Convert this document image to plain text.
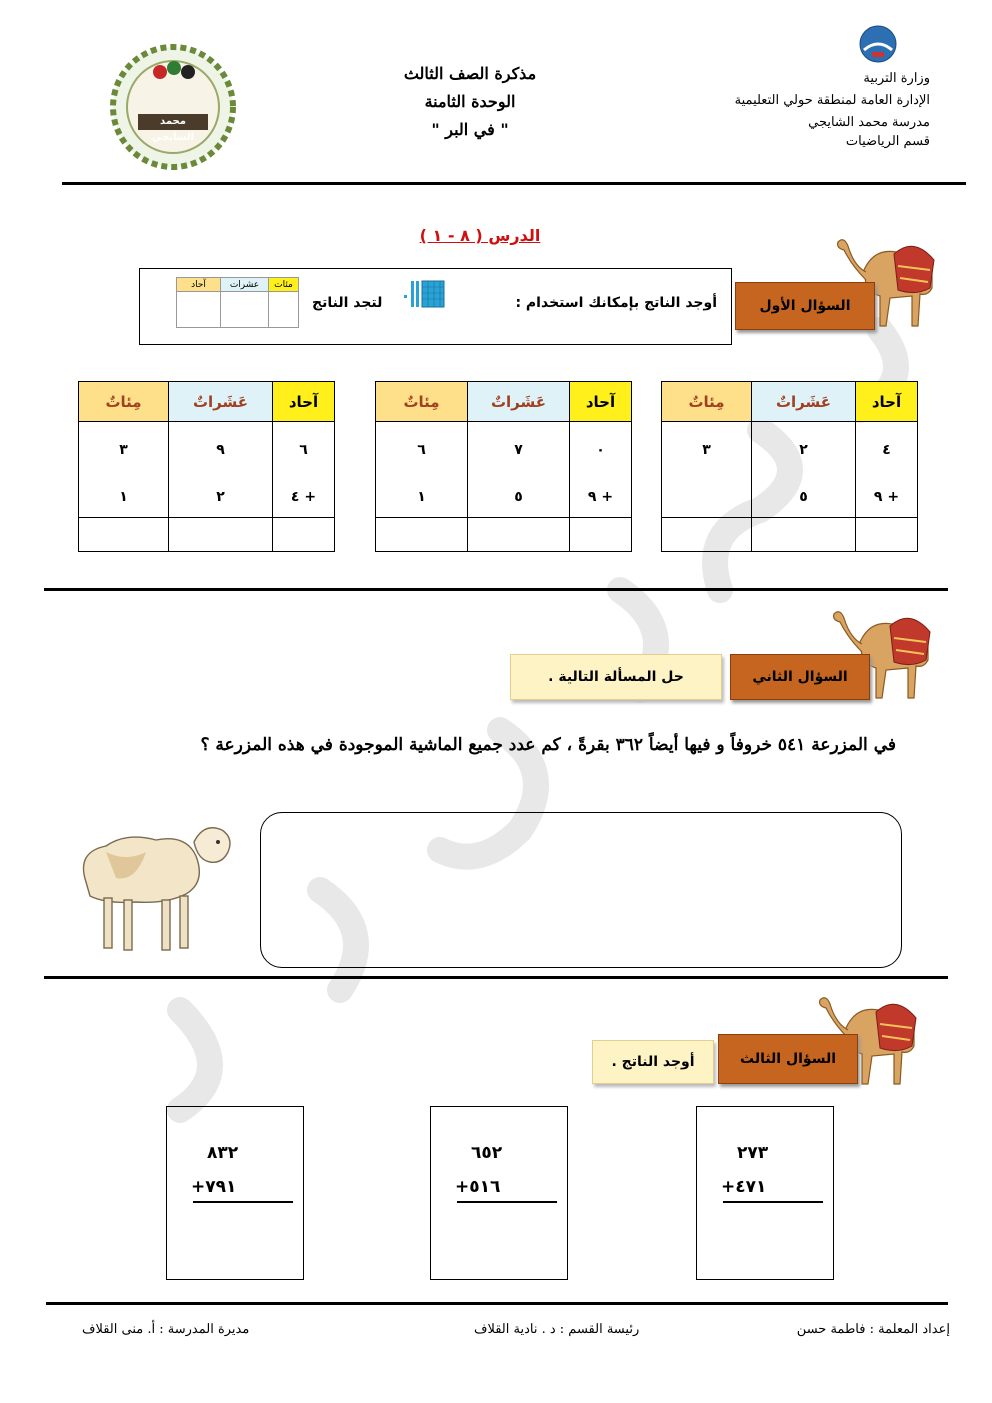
وزارة التربية
الإدارة العامة لمنطقة حولي التعليمية
مدرسة محمد الشايجي
قسم الرياضيات
مذكرة الصف الثالث
الوحدة الثامنة
" في البر "
محمد الشايجي
الدرس ( ٨ - ١ )
السؤال الأول
أوجد الناتج بإمكانك استخدام :
لتجد الناتج
آحاد	عشرات	مئات

آحاد	عَشَراتٌ	مِئاتٌ
٤	٢	٣
+ ٩	٥	

آحاد	عَشَراتٌ	مِئاتٌ
٠	٧	٦
+ ٩	٥	١

آحاد	عَشَراتٌ	مِئاتٌ
٦	٩	٣
+ ٤	٢	١

السؤال الثاني
حل المسألة التالية .
في المزرعة ٥٤١ خروفاً و فيها أيضاً ٣٦٢ بقرةً ، كم عدد جميع الماشية الموجودة في هذه المزرعة ؟
السؤال الثالث
أوجد الناتج .
٢٧٣
+٤٧١
٦٥٢
+٥١٦
٨٣٢
+٧٩١
إعداد المعلمة : فاطمة حسن
رئيسة القسم : د . نادية القلاف
مديرة المدرسة : أ. منى القلاف
